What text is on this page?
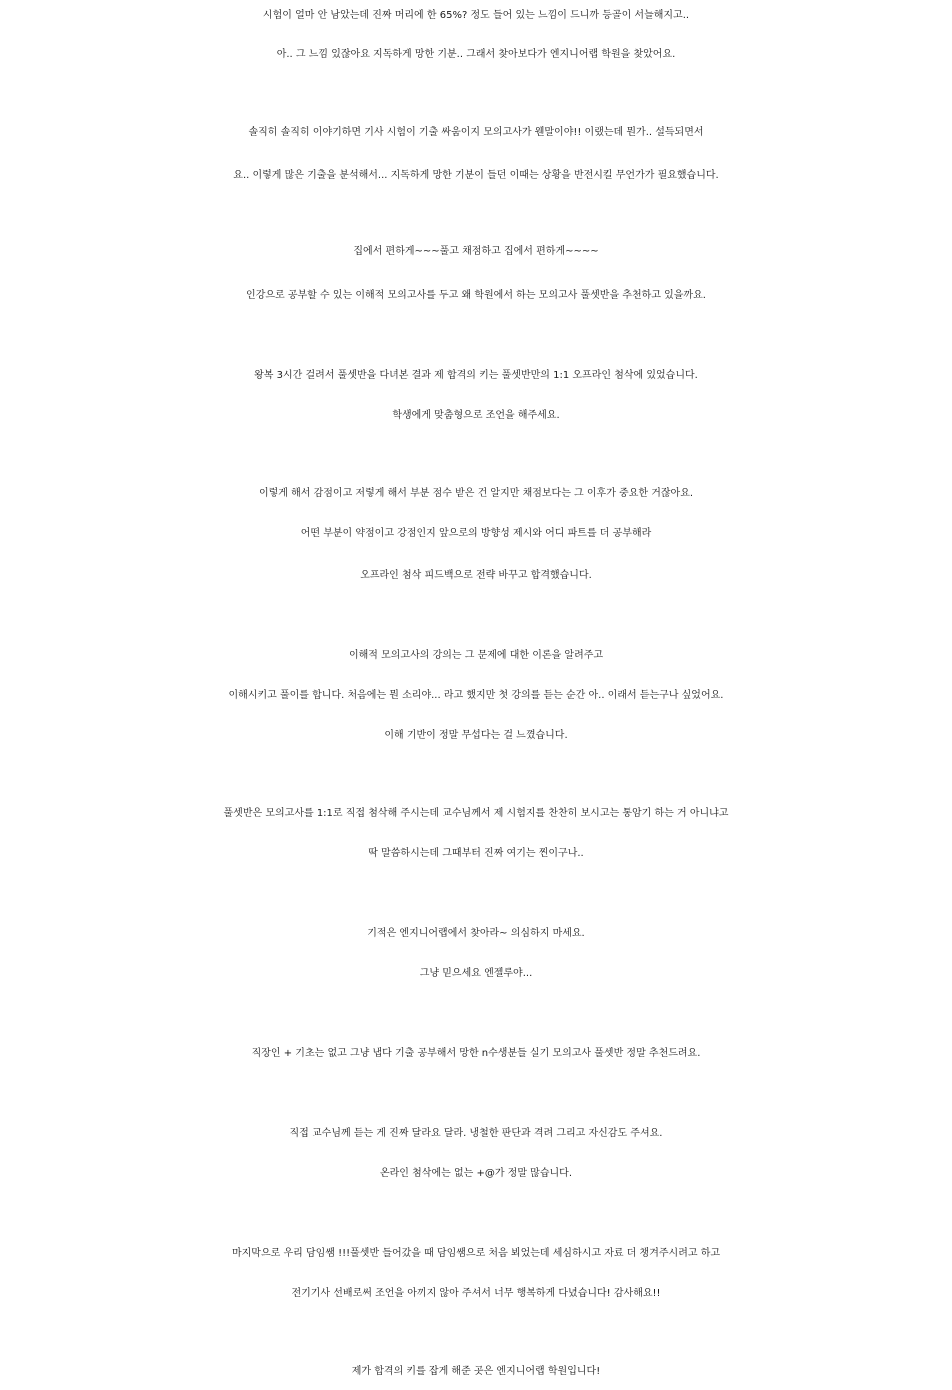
시험이 얼마 안 남았는데 진짜 머리에 한 65%? 정도 들어 있는 느낌이 드니까 등골이 서늘해지고..
아.. 그 느낌 있잖아요 지독하게 망한 기분.. 그래서 찾아보다가 엔지니어랩 학원을 찾았어요.
솔직히 솔직히 이야기하면 기사 시험이 기출 싸움이지 모의고사가 웬말이야!! 이랬는데 뭔가.. 설득되면서
요.. 이렇게 많은 기출을 분석해서... 지독하게 망한 기분이 들던 이때는 상황을 반전시킬 무언가가 필요했습니다.
집에서 편하게~~~풀고 채점하고 집에서 편하게~~~~
인강으로 공부할 수 있는 이해적 모의고사를 두고 왜 학원에서 하는 모의고사 풀셋반을 추천하고 있을까요.
왕복 3시간 걸려서 풀셋반을 다녀본 결과 제 합격의 키는 풀셋반만의 1:1 오프라인 첨삭에 있었습니다.
학생에게 맞춤형으로 조언을 해주세요.
이렇게 해서 감점이고 저렇게 해서 부분 점수 받은 건 알지만 채점보다는 그 이후가 중요한 거잖아요.
어떤 부분이 약점이고 강점인지 앞으로의 방향성 제시와 어디 파트를 더 공부해라
오프라인 첨삭 피드백으로 전략 바꾸고 합격했습니다.
이해적 모의고사의 강의는 그 문제에 대한 이론을 알려주고
이해시키고 풀이를 합니다. 처음에는 뭔 소리야... 라고 했지만 첫 강의를 듣는 순간 아.. 이래서 듣는구나 싶었어요.
이해 기반이 정말 무섭다는 걸 느꼈습니다.
풀셋반은 모의고사를 1:1로 직접 첨삭해 주시는데 교수님께서 제 시험지를 찬찬히 보시고는 통암기 하는 거 아니냐고
딱 말씀하시는데 그때부터 진짜 여기는 찐이구나..
기적은 엔지니어랩에서 찾아라~ 의심하지 마세요.
그냥 믿으세요 엔젤루야...
직장인 + 기초는 없고 그냥 냅다 기출 공부해서 망한 n수생분들 실기 모의고사 풀셋반 정말 추천드려요.
직접 교수님께 듣는 게 진짜 달라요 달라. 냉철한 판단과 격려 그리고 자신감도 주셔요.
온라인 첨삭에는 없는 +@가 정말 많습니다.
마지막으로 우리 담임쌤 !!!풀셋반 들어갔을 때 담임쌤으로 처음 뵈었는데 세심하시고 자료 더 챙겨주시려고 하고
전기기사 선배로써 조언을 아끼지 않아 주셔서 너무 행복하게 다녔습니다! 감사해요!!
제가 합격의 키를 잡게 해준 곳은 엔지니어랩 학원입니다!
